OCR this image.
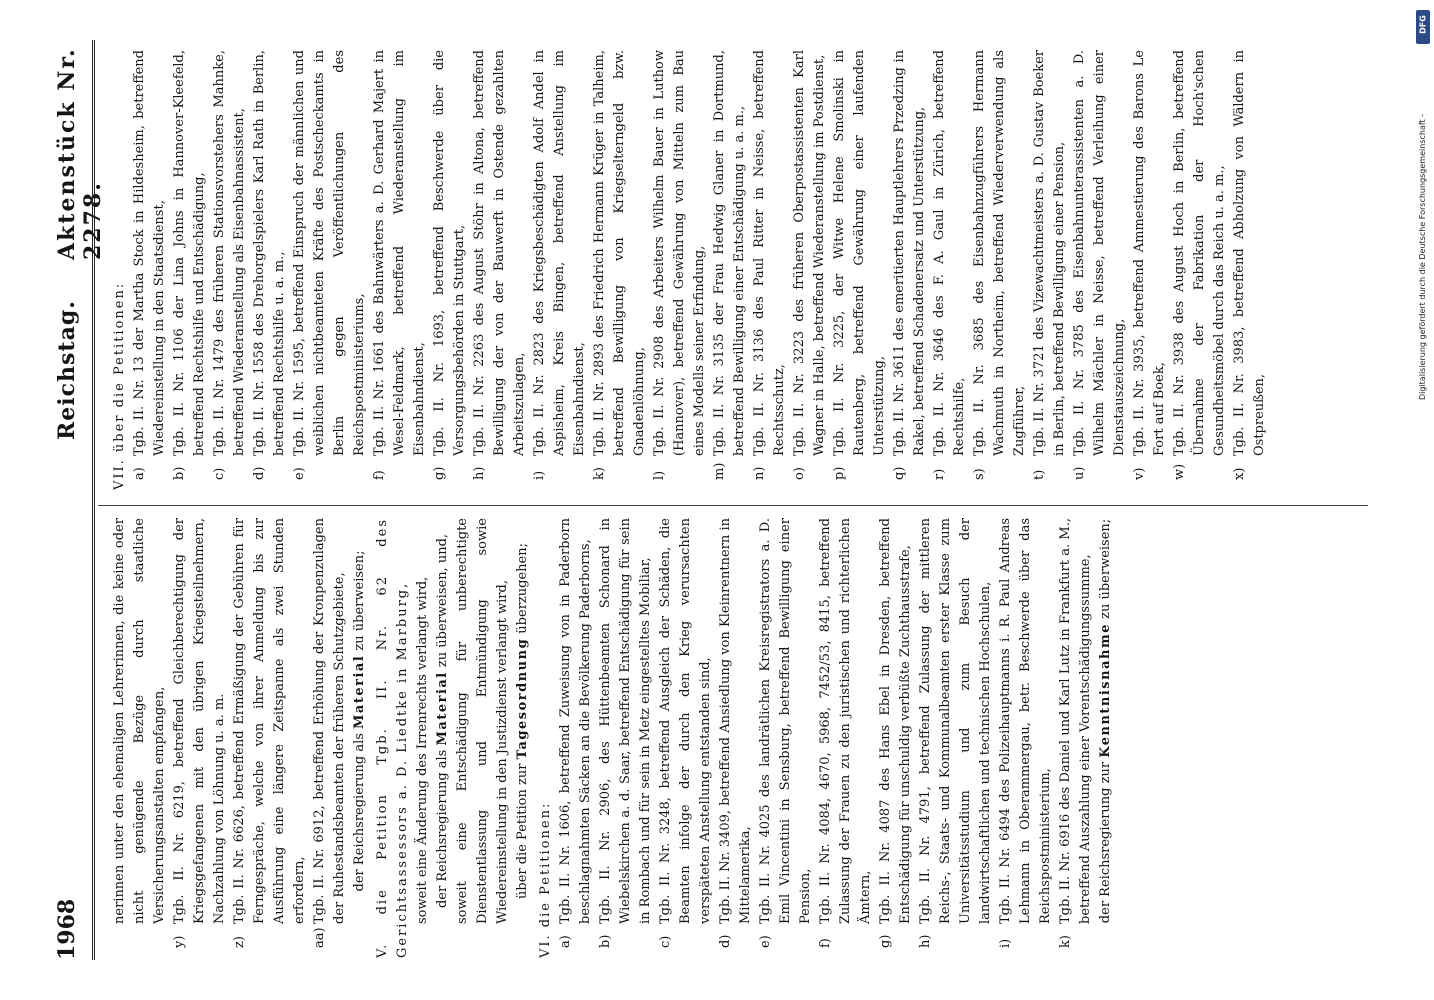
1968
Reichstag.
Aktenstück Nr. 2278.

nerinnen unter den ehemaligen Lehrerinnen, die keine oder nicht genügende Bezüge durch staatliche Versicherungsanstalten empfangen,

y)
Tgb. II. Nr. 6219, betreffend Gleichberechtigung der Kriegsgefangenen mit den übrigen Kriegsteilnehmern, Nachzahlung von Löhnung u. a. m.
z)
Tgb. II. Nr. 6626, betreffend Ermäßigung der Gebühren für Ferngespräche, welche von ihrer Anmeldung bis zur Ausführung eine längere Zeitspanne als zwei Stunden erfordern,
aa)
Tgb. II. Nr. 6912, betreffend Erhöhung der Kronpenzulagen der Ruhestandsbeamten der früheren Schutzgebiete, der Reichsregierung als Material zu überweisen; V. die Petition Tgb. II. Nr. 62 des Gerichtsassessors a. D. Liedtke in Marburg, soweit eine Änderung des Irrenrechts verlangt wird, der Reichsregierung als Material zu überweisen, und, soweit eine Entschädigung für unberechtigte Dienstentlassung und Entmündigung sowie Wiedereinstellung in den Justizdienst verlangt wird, über die Petition zur Tagesordnung überzugehen;

VI. die Petitionen: a)
Tgb. II. Nr. 1606, betreffend Zuweisung von in Paderborn beschlagnahmten Säcken an die Bevölkerung Paderborns,
b)
Tgb. II. Nr. 2906, des Hüttenbeamten Schonard in Wiebelskirchen a. d. Saar, betreffend Entschädigung für sein in Rombach und für sein in Metz eingestelltes Mobiliar,
c)
Tgb. II. Nr. 3248, betreffend Ausgleich der Schäden, die Beamten infolge der durch den Krieg verursachten verspäteten Anstellung entstanden sind,
d)
Tgb. II. Nr. 3409, betreffend Ansiedlung von Kleinrentnern in Mittelamerika,
e)
Tgb. II. Nr. 4025 des landrätlichen Kreisregistrators a. D. Emil Vincentini in Sensburg, betreffend Bewilligung einer Pension,
f)
Tgb. II. Nr. 4084, 4670, 5968, 7452/53, 8415, betreffend Zulassung der Frauen zu den juristischen und richterlichen Ämtern,
g)
Tgb. II. Nr. 4087 des Hans Ebel in Dresden, betreffend Entschädigung für unschuldig verbüßte Zuchthausstrafe,
h)
Tgb. II. Nr. 4791, betreffend Zulassung der mittleren Reichs-, Staats- und Kommunalbeamten erster Klasse zum Universitätsstudium und zum Besuch der landwirtschaftlichen und technischen Hochschulen,
i)
Tgb. II. Nr. 6494 des Polizeihauptmanns i. R. Paul Andreas Lehmann in Oberammergau, betr. Beschwerde über das Reichspostministerium,
k)
Tgb. II. Nr. 6916 des Daniel und Karl Lutz in Frankfurt a. M., betreffend Auszahlung einer Vorentschädigungssumme, der Reichsregierung zur Kenntnisnahme zu überweisen;

VII. über die Petitionen: a)
Tgb. II. Nr. 13 der Martha Stock in Hildesheim, betreffend Wiedereinstellung in den Staatsdienst,
b)
Tgb. II. Nr. 1106 der Lina Johns in Hannover-Kleefeld, betreffend Rechtshilfe und Entschädigung,
c)
Tgb. II. Nr. 1479 des früheren Stationsvorstehers Mahnke, betreffend Wiederanstellung als Eisenbahnassistent,
d)
Tgb. II. Nr. 1558 des Drehorgelspielers Karl Rath in Berlin, betreffend Rechtshilfe u. a. m.,
e)
Tgb. II. Nr. 1595, betreffend Einspruch der männlichen und weiblichen nichtbeamteten Kräfte des Postscheckamts in Berlin gegen Veröffentlichungen des Reichspostministeriums,
f)
Tgb. II. Nr. 1661 des Bahnwärters a. D. Gerhard Majert in Wesel-Feldmark, betreffend Wiederanstellung im Eisenbahndienst,
g)
Tgb. II. Nr. 1693, betreffend Beschwerde über die Versorgungsbehörden in Stuttgart,
h)
Tgb. II. Nr. 2263 des August Stöhr in Altona, betreffend Bewilligung der von der Bauwerft in Ostende gezahlten Arbeitszulagen,
i)
Tgb. II. Nr. 2823 des Kriegsbeschädigten Adolf Andel in Aspisheim, Kreis Bingen, betreffend Anstellung im Eisenbahndienst,
k)
Tgb. II. Nr. 2893 des Friedrich Hermann Krüger in Talheim, betreffend Bewilligung von Kriegselterngeld bzw. Gnadenlöhnung,
l)
Tgb. II. Nr. 2908 des Arbeiters Wilhelm Bauer in Luthow (Hannover), betreffend Gewährung von Mitteln zum Bau eines Modells seiner Erfindung,
m)
Tgb. II. Nr. 3135 der Frau Hedwig Glaner in Dortmund, betreffend Bewilligung einer Entschädigung u. a. m.,
n)
Tgb. II. Nr. 3136 des Paul Ritter in Neisse, betreffend Rechtsschutz,
o)
Tgb. II. Nr. 3223 des früheren Oberpostassistenten Karl Wagner in Halle, betreffend Wiederanstellung im Postdienst,
p)
Tgb. II. Nr. 3225, der Witwe Helene Smolinski in Rautenberg, betreffend Gewährung einer laufenden Unterstützung,
q)
Tgb. II. Nr. 3611 des emeritierten Hauptlehrers Przedzing in Rakel, betreffend Schadenersatz und Unterstützung,
r)
Tgb. II. Nr. 3646 des F. A. Gaul in Zürich, betreffend Rechtshilfe,
s)
Tgb. II. Nr. 3685 des Eisenbahnzugführers Hermann Wachmuth in Northeim, betreffend Wiederverwendung als Zugführer,
t)
Tgb. II. Nr. 3721 des Vizewachtmeisters a. D. Gustav Boeker in Berlin, betreffend Bewilligung einer Pension,
u)
Tgb. II. Nr. 3785 des Eisenbahnunterassistenten a. D. Wilhelm Mächler in Neisse, betreffend Verleihung einer Dienstauszeichnung,
v)
Tgb. II. Nr. 3935, betreffend Ammestierung des Barons Le Fort auf Boek,
w)
Tgb. II. Nr. 3938 des August Hoch in Berlin, betreffend Übernahme der Fabrikation der Hoch'schen Gesundheitsmöbel durch das Reich u. a. m.,
x)
Tgb. II. Nr. 3983, betreffend Abholzung von Wäldern in Ostpreußen,
DFG
Digitalisierung gefördert durch die Deutsche Forschungsgemeinschaft -
